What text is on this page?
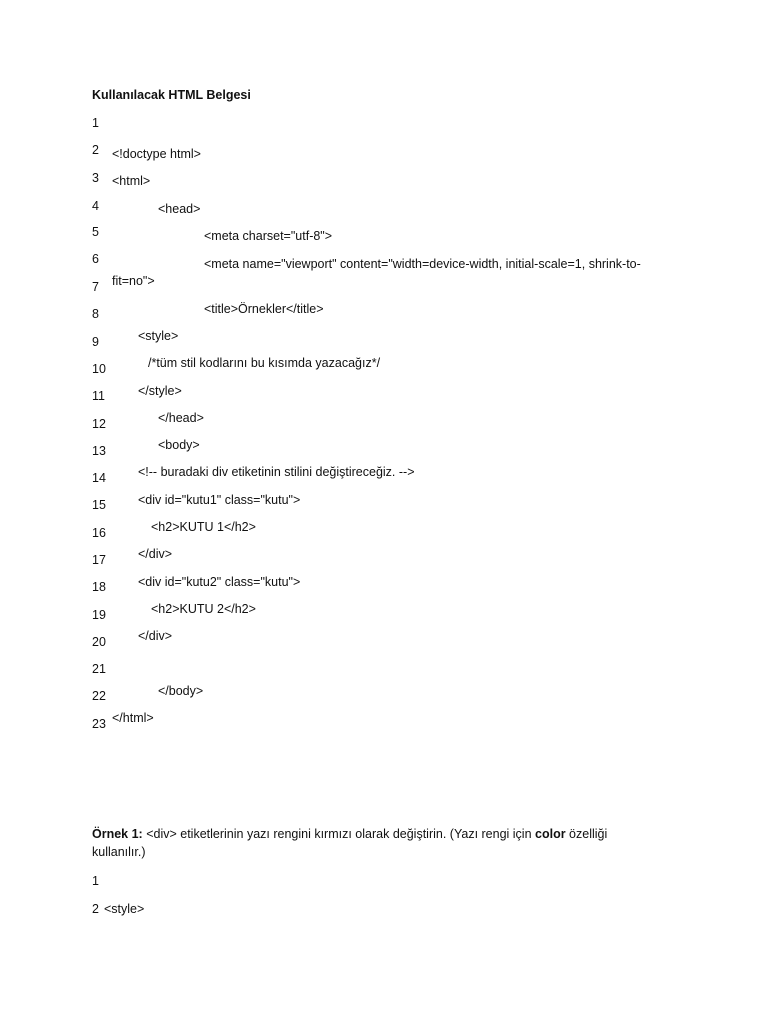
Kullanılacak HTML Belgesi
1
2
3
4
5
6
7
8
9
10
11
12
13
14
15
16
17
18
19
20
21
22
23
<!doctype html>
<html>
<head>
<meta charset="utf-8">
<meta name="viewport" content="width=device-width, initial-scale=1, shrink-to-
fit=no">
<title>Örnekler</title>
<style>
/*tüm stil kodlarını bu kısımda yazacağız*/
</style>
</head>
<body>
<!-- buradaki div etiketinin stilini değiştireceğiz. -->
<div id="kutu1" class="kutu">
<h2>KUTU 1</h2>
</div>
<div id="kutu2" class="kutu">
<h2>KUTU 2</h2>
</div>
</body>
</html>
Örnek 1: <div> etiketlerinin yazı rengini kırmızı olarak değiştirin. (Yazı rengi için color özelliği
kullanılır.)
1
2 <style>
